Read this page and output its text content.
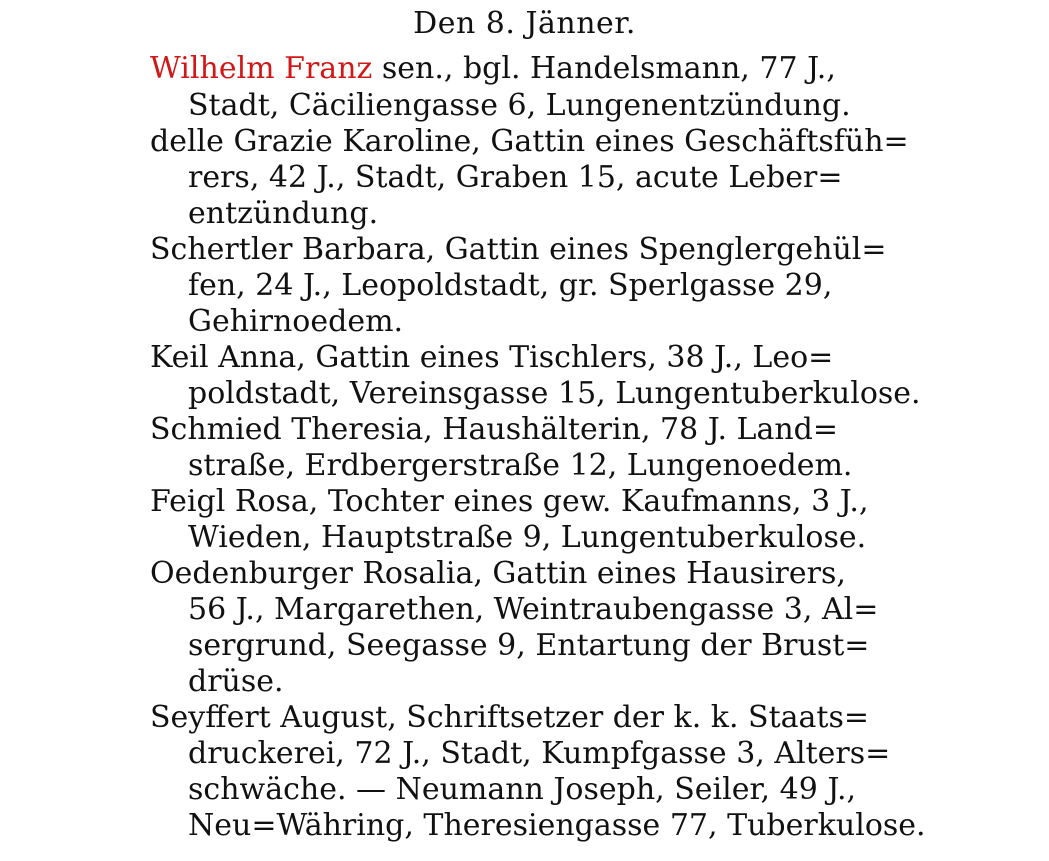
Den 8. Jänner.
Wilhelm Franz sen., bgl. Handelsmann, 77 J.,
Stadt, Cäciliengasse 6, Lungenentzündung.
delle Grazie Karoline, Gattin eines Geschäftsfüh=
rers, 42 J., Stadt, Graben 15, acute Leber=
entzündung.
Schertler Barbara, Gattin eines Spenglergehül=
fen, 24 J., Leopoldstadt, gr. Sperlgasse 29,
Gehirnoedem.
Keil Anna, Gattin eines Tischlers, 38 J., Leo=
poldstadt, Vereinsgasse 15, Lungentuberkulose.
Schmied Theresia, Haushälterin, 78 J. Land=
straße, Erdbergerstraße 12, Lungenoedem.
Feigl Rosa, Tochter eines gew. Kaufmanns, 3 J.,
Wieden, Hauptstraße 9, Lungentuberkulose.
Oedenburger Rosalia, Gattin eines Hausirers,
56 J., Margarethen, Weintraubengasse 3, Al=
sergrund, Seegasse 9, Entartung der Brust=
drüse.
Seyffert August, Schriftsetzer der k. k. Staats=
druckerei, 72 J., Stadt, Kumpfgasse 3, Alters=
schwäche. — Neumann Joseph, Seiler, 49 J.,
Neu=Währing, Theresiengasse 77, Tuberkulose.
